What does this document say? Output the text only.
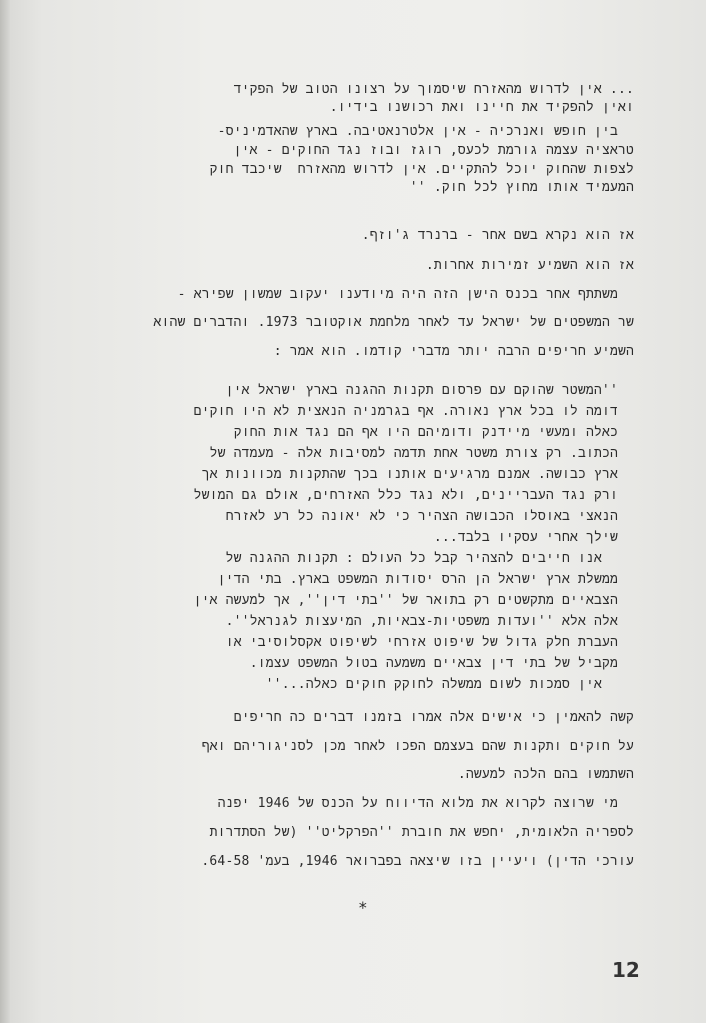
... אין לדרוש מהאזרח שיסמוך על רצונו הטוב של הפקיד
ואין להפקיד את חיינו ואת רכושנו בידיו.
בין חופש ואנרכיה - אין אלטרנאטיבה. בארץ שהאדמיניס-
טראציה עצמה גורמת לכעס, רוגז ובוז נגד החוקים - אין
לצפות שהחוק יוכל להתקיים. אין לדרוש מהאזרח  שיכבד חוק
המעמיד אותו מחוץ לכל חוק. ''
אז הוא נקרא בשם אחר - ברנרד ג'וזף.
אז הוא השמיע זמירות אחרות.
משתתף אחר בכנס הישן הזה היה מיודענו יעקוב שמשון שפירא -
שר המשפטים של ישראל עד לאחר מלחמת אוקטובר 1973. והדברים שהוא
השמיע חריפים הרבה יותר מדברי קודמו. הוא אמר :
''המשטר שהוקם עם פרסום תקנות ההגנה בארץ ישראל אין
דומה לו בכל ארץ נאורה. אף בגרמניה הנאצית לא היו חוקים
כאלה ומעשי מיידנק ודומיהם היו אף הם נגד אות החוק
הכתוב. רק צורת משטר אחת תדמה למסיבות אלה - מעמדה של
ארץ כבושה. אמנם מרגיעים אותנו בכך שהתקנות מכוונות אך
ורק נגד העבריינים, ולא נגד כלל האזרחים, אולם גם המושל
הנאצי באוסלו הכבושה הצהיר כי לא יאונה כל רע לאזרח
שילך אחרי עסקיו בלבד...
אנו חייבים להצהיר קבל כל העולם : תקנות ההגנה של
ממשלת ארץ ישראל הן הרס יסודות המשפט בארץ. בתי הדין
הצבאיים מתקשטים רק בתואר של ''בתי דין'', אך למעשה אין
אלה אלא ''ועדות משפטיות-צבאיות, המיעצות לגנראל''.
העברת חלק גדול של שיפוט אזרחי לשיפוט אקסלוסיבי או
מקביל של בתי דין צבאיים משמעה בטול המשפט עצמו.
אין סמכות לשום ממשלה לחוקק חוקים כאלה...''
קשה להאמין כי אישים אלה אמרו בזמנו דברים כה חריפים
על חוקים ותקנות שהם בעצמם הפכו לאחר מכן לסניגוריהם ואף
השתמשו בהם הלכה למעשה.
מי שרוצה לקרוא את מלוא הדיווח על הכנס של 1946 יפנה
לספריה הלאומית, יחפש את חוברת ''הפרקליט'' (של הסתדרות
עורכי הדין) ויעיין בזו שיצאה בפברואר 1946, בעמ' 64-58.
*
12
